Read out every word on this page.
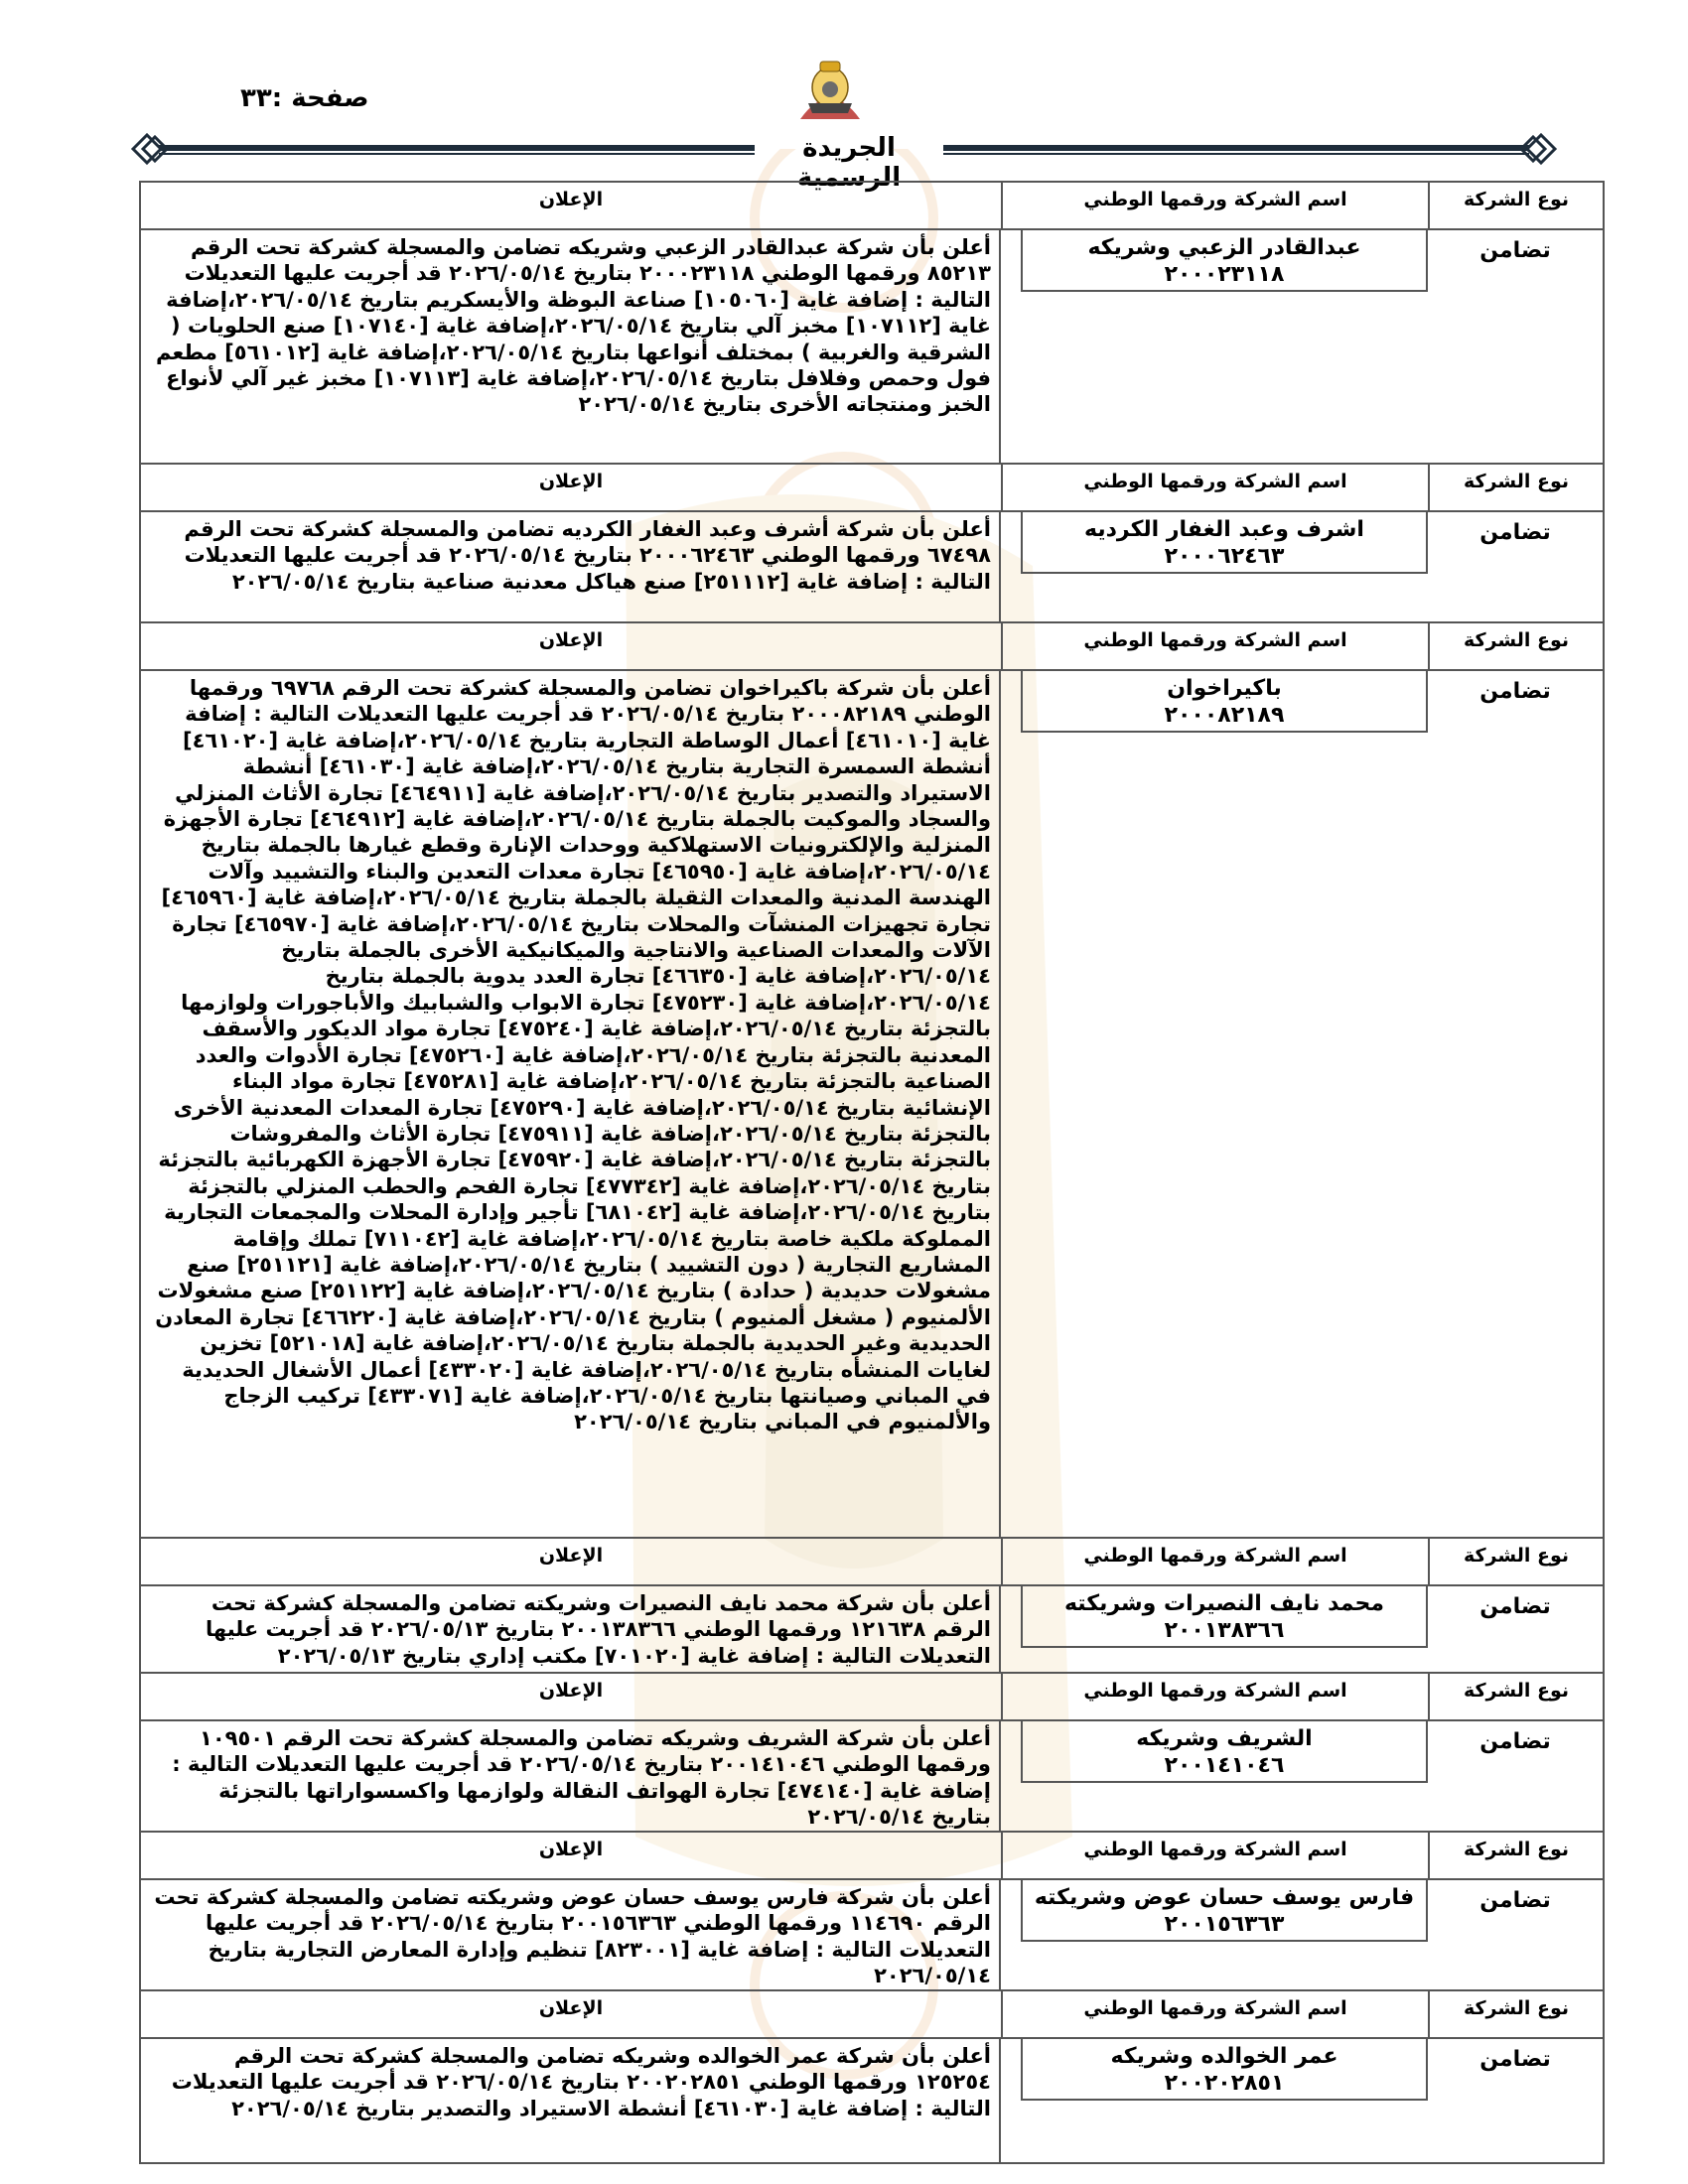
صفحة :٣٣
الجريدة الرسمية
نوع الشركة
اسم الشركة ورقمها الوطني
الإعلان
تضامن
عبدالقادر الزعبي وشريكه
٢٠٠٠٢٣١١٨
أعلن بأن شركة عبدالقادر الزعبي وشريكه تضامن والمسجلة كشركة تحت الرقم ٨٥٢١٣ ورقمها الوطني ٢٠٠٠٢٣١١٨ بتاريخ ٢٠٢٦/٠٥/١٤ قد أجريت عليها التعديلات التالية : إضافة غاية [١٠٥٠٦٠] صناعة البوظة والأيسكريم بتاريخ ٢٠٢٦/٠٥/١٤،إضافة غاية [١٠٧١١٢] مخبز آلي بتاريخ ٢٠٢٦/٠٥/١٤،إضافة غاية [١٠٧١٤٠] صنع الحلويات ( الشرقية والغربية ) بمختلف أنواعها بتاريخ ٢٠٢٦/٠٥/١٤،إضافة غاية [٥٦١٠١٢] مطعم فول وحمص وفلافل بتاريخ ٢٠٢٦/٠٥/١٤،إضافة غاية [١٠٧١١٣] مخبز غير آلي لأنواع الخبز ومنتجاته الأخرى بتاريخ ٢٠٢٦/٠٥/١٤
نوع الشركة
اسم الشركة ورقمها الوطني
الإعلان
تضامن
اشرف وعبد الغفار الكرديه
٢٠٠٠٦٢٤٦٣
أعلن بأن شركة أشرف وعبد الغفار الكرديه تضامن والمسجلة كشركة تحت الرقم ٦٧٤٩٨ ورقمها الوطني ٢٠٠٠٦٢٤٦٣ بتاريخ ٢٠٢٦/٠٥/١٤ قد أجريت عليها التعديلات التالية : إضافة غاية [٢٥١١١٢] صنع هياكل معدنية صناعية بتاريخ ٢٠٢٦/٠٥/١٤
نوع الشركة
اسم الشركة ورقمها الوطني
الإعلان
تضامن
باكيراخوان
٢٠٠٠٨٢١٨٩
أعلن بأن شركة باكيراخوان تضامن والمسجلة كشركة تحت الرقم ٦٩٧٦٨ ورقمها الوطني ٢٠٠٠٨٢١٨٩ بتاريخ ٢٠٢٦/٠٥/١٤ قد أجريت عليها التعديلات التالية : إضافة غاية [٤٦١٠١٠] أعمال الوساطة التجارية بتاريخ ٢٠٢٦/٠٥/١٤،إضافة غاية [٤٦١٠٢٠] أنشطة السمسرة التجارية بتاريخ ٢٠٢٦/٠٥/١٤،إضافة غاية [٤٦١٠٣٠] أنشطة الاستيراد والتصدير بتاريخ ٢٠٢٦/٠٥/١٤،إضافة غاية [٤٦٤٩١١] تجارة الأثاث المنزلي والسجاد والموكيت بالجملة بتاريخ ٢٠٢٦/٠٥/١٤،إضافة غاية [٤٦٤٩١٢] تجارة الأجهزة المنزلية والإلكترونيات الاستهلاكية ووحدات الإنارة وقطع غيارها بالجملة بتاريخ ٢٠٢٦/٠٥/١٤،إضافة غاية [٤٦٥٩٥٠] تجارة معدات التعدين والبناء والتشييد وآلات الهندسة المدنية والمعدات الثقيلة بالجملة بتاريخ ٢٠٢٦/٠٥/١٤،إضافة غاية [٤٦٥٩٦٠] تجارة تجهيزات المنشآت والمحلات بتاريخ ٢٠٢٦/٠٥/١٤،إضافة غاية [٤٦٥٩٧٠] تجارة الآلات والمعدات الصناعية والانتاجية والميكانيكية الأخرى بالجملة بتاريخ ٢٠٢٦/٠٥/١٤،إضافة غاية [٤٦٦٣٥٠] تجارة العدد يدوية بالجملة بتاريخ ٢٠٢٦/٠٥/١٤،إضافة غاية [٤٧٥٢٣٠] تجارة الابواب والشبابيك والأباجورات ولوازمها بالتجزئة بتاريخ ٢٠٢٦/٠٥/١٤،إضافة غاية [٤٧٥٢٤٠] تجارة مواد الديكور والأسقف المعدنية بالتجزئة بتاريخ ٢٠٢٦/٠٥/١٤،إضافة غاية [٤٧٥٢٦٠] تجارة الأدوات والعدد الصناعية بالتجزئة بتاريخ ٢٠٢٦/٠٥/١٤،إضافة غاية [٤٧٥٢٨١] تجارة مواد البناء الإنشائية بتاريخ ٢٠٢٦/٠٥/١٤،إضافة غاية [٤٧٥٢٩٠] تجارة المعدات المعدنية الأخرى بالتجزئة بتاريخ ٢٠٢٦/٠٥/١٤،إضافة غاية [٤٧٥٩١١] تجارة الأثاث والمفروشات بالتجزئة بتاريخ ٢٠٢٦/٠٥/١٤،إضافة غاية [٤٧٥٩٢٠] تجارة الأجهزة الكهربائية بالتجزئة بتاريخ ٢٠٢٦/٠٥/١٤،إضافة غاية [٤٧٧٣٤٢] تجارة الفحم والحطب المنزلي بالتجزئة بتاريخ ٢٠٢٦/٠٥/١٤،إضافة غاية [٦٨١٠٤٢] تأجير وإدارة المحلات والمجمعات التجارية المملوكة ملكية خاصة بتاريخ ٢٠٢٦/٠٥/١٤،إضافة غاية [٧١١٠٤٢] تملك وإقامة المشاريع التجارية ( دون التشييد ) بتاريخ ٢٠٢٦/٠٥/١٤،إضافة غاية [٢٥١١٢١] صنع مشغولات حديدية ( حدادة ) بتاريخ ٢٠٢٦/٠٥/١٤،إضافة غاية [٢٥١١٢٢] صنع مشغولات الألمنيوم ( مشغل ألمنيوم ) بتاريخ ٢٠٢٦/٠٥/١٤،إضافة غاية [٤٦٦٢٢٠] تجارة المعادن الحديدية وغير الحديدية بالجملة بتاريخ ٢٠٢٦/٠٥/١٤،إضافة غاية [٥٢١٠١٨] تخزين لغايات المنشأه بتاريخ ٢٠٢٦/٠٥/١٤،إضافة غاية [٤٣٣٠٢٠] أعمال الأشغال الحديدية في المباني وصيانتها بتاريخ ٢٠٢٦/٠٥/١٤،إضافة غاية [٤٣٣٠٧١] تركيب الزجاج والألمنيوم في المباني بتاريخ ٢٠٢٦/٠٥/١٤
نوع الشركة
اسم الشركة ورقمها الوطني
الإعلان
تضامن
محمد نايف النصيرات وشريكته
٢٠٠١٣٨٣٦٦
أعلن بأن شركة محمد نايف النصيرات وشريكته تضامن والمسجلة كشركة تحت الرقم ١٢١٦٣٨ ورقمها الوطني ٢٠٠١٣٨٣٦٦ بتاريخ ٢٠٢٦/٠٥/١٣ قد أجريت عليها التعديلات التالية : إضافة غاية [٧٠١٠٢٠] مكتب إداري بتاريخ ٢٠٢٦/٠٥/١٣
نوع الشركة
اسم الشركة ورقمها الوطني
الإعلان
تضامن
الشريف وشريكه
٢٠٠١٤١٠٤٦
أعلن بأن شركة الشريف وشريكه تضامن والمسجلة كشركة تحت الرقم ١٠٩٥٠١ ورقمها الوطني ٢٠٠١٤١٠٤٦ بتاريخ ٢٠٢٦/٠٥/١٤ قد أجريت عليها التعديلات التالية : إضافة غاية [٤٧٤١٤٠] تجارة الهواتف النقالة ولوازمها واكسسواراتها بالتجزئة بتاريخ ٢٠٢٦/٠٥/١٤
نوع الشركة
اسم الشركة ورقمها الوطني
الإعلان
تضامن
فارس يوسف حسان عوض وشريكته
٢٠٠١٥٦٣٦٣
أعلن بأن شركة فارس يوسف حسان عوض وشريكته تضامن والمسجلة كشركة تحت الرقم ١١٤٦٩٠ ورقمها الوطني ٢٠٠١٥٦٣٦٣ بتاريخ ٢٠٢٦/٠٥/١٤ قد أجريت عليها التعديلات التالية : إضافة غاية [٨٢٣٠٠١] تنظيم وإدارة المعارض التجارية بتاريخ ٢٠٢٦/٠٥/١٤
نوع الشركة
اسم الشركة ورقمها الوطني
الإعلان
تضامن
عمر الخوالده وشريكه
٢٠٠٢٠٢٨٥١
أعلن بأن شركة عمر الخوالده وشريكه تضامن والمسجلة كشركة تحت الرقم ١٢٥٢٥٤ ورقمها الوطني ٢٠٠٢٠٢٨٥١ بتاريخ ٢٠٢٦/٠٥/١٤ قد أجريت عليها التعديلات التالية : إضافة غاية [٤٦١٠٣٠] أنشطة الاستيراد والتصدير بتاريخ ٢٠٢٦/٠٥/١٤
